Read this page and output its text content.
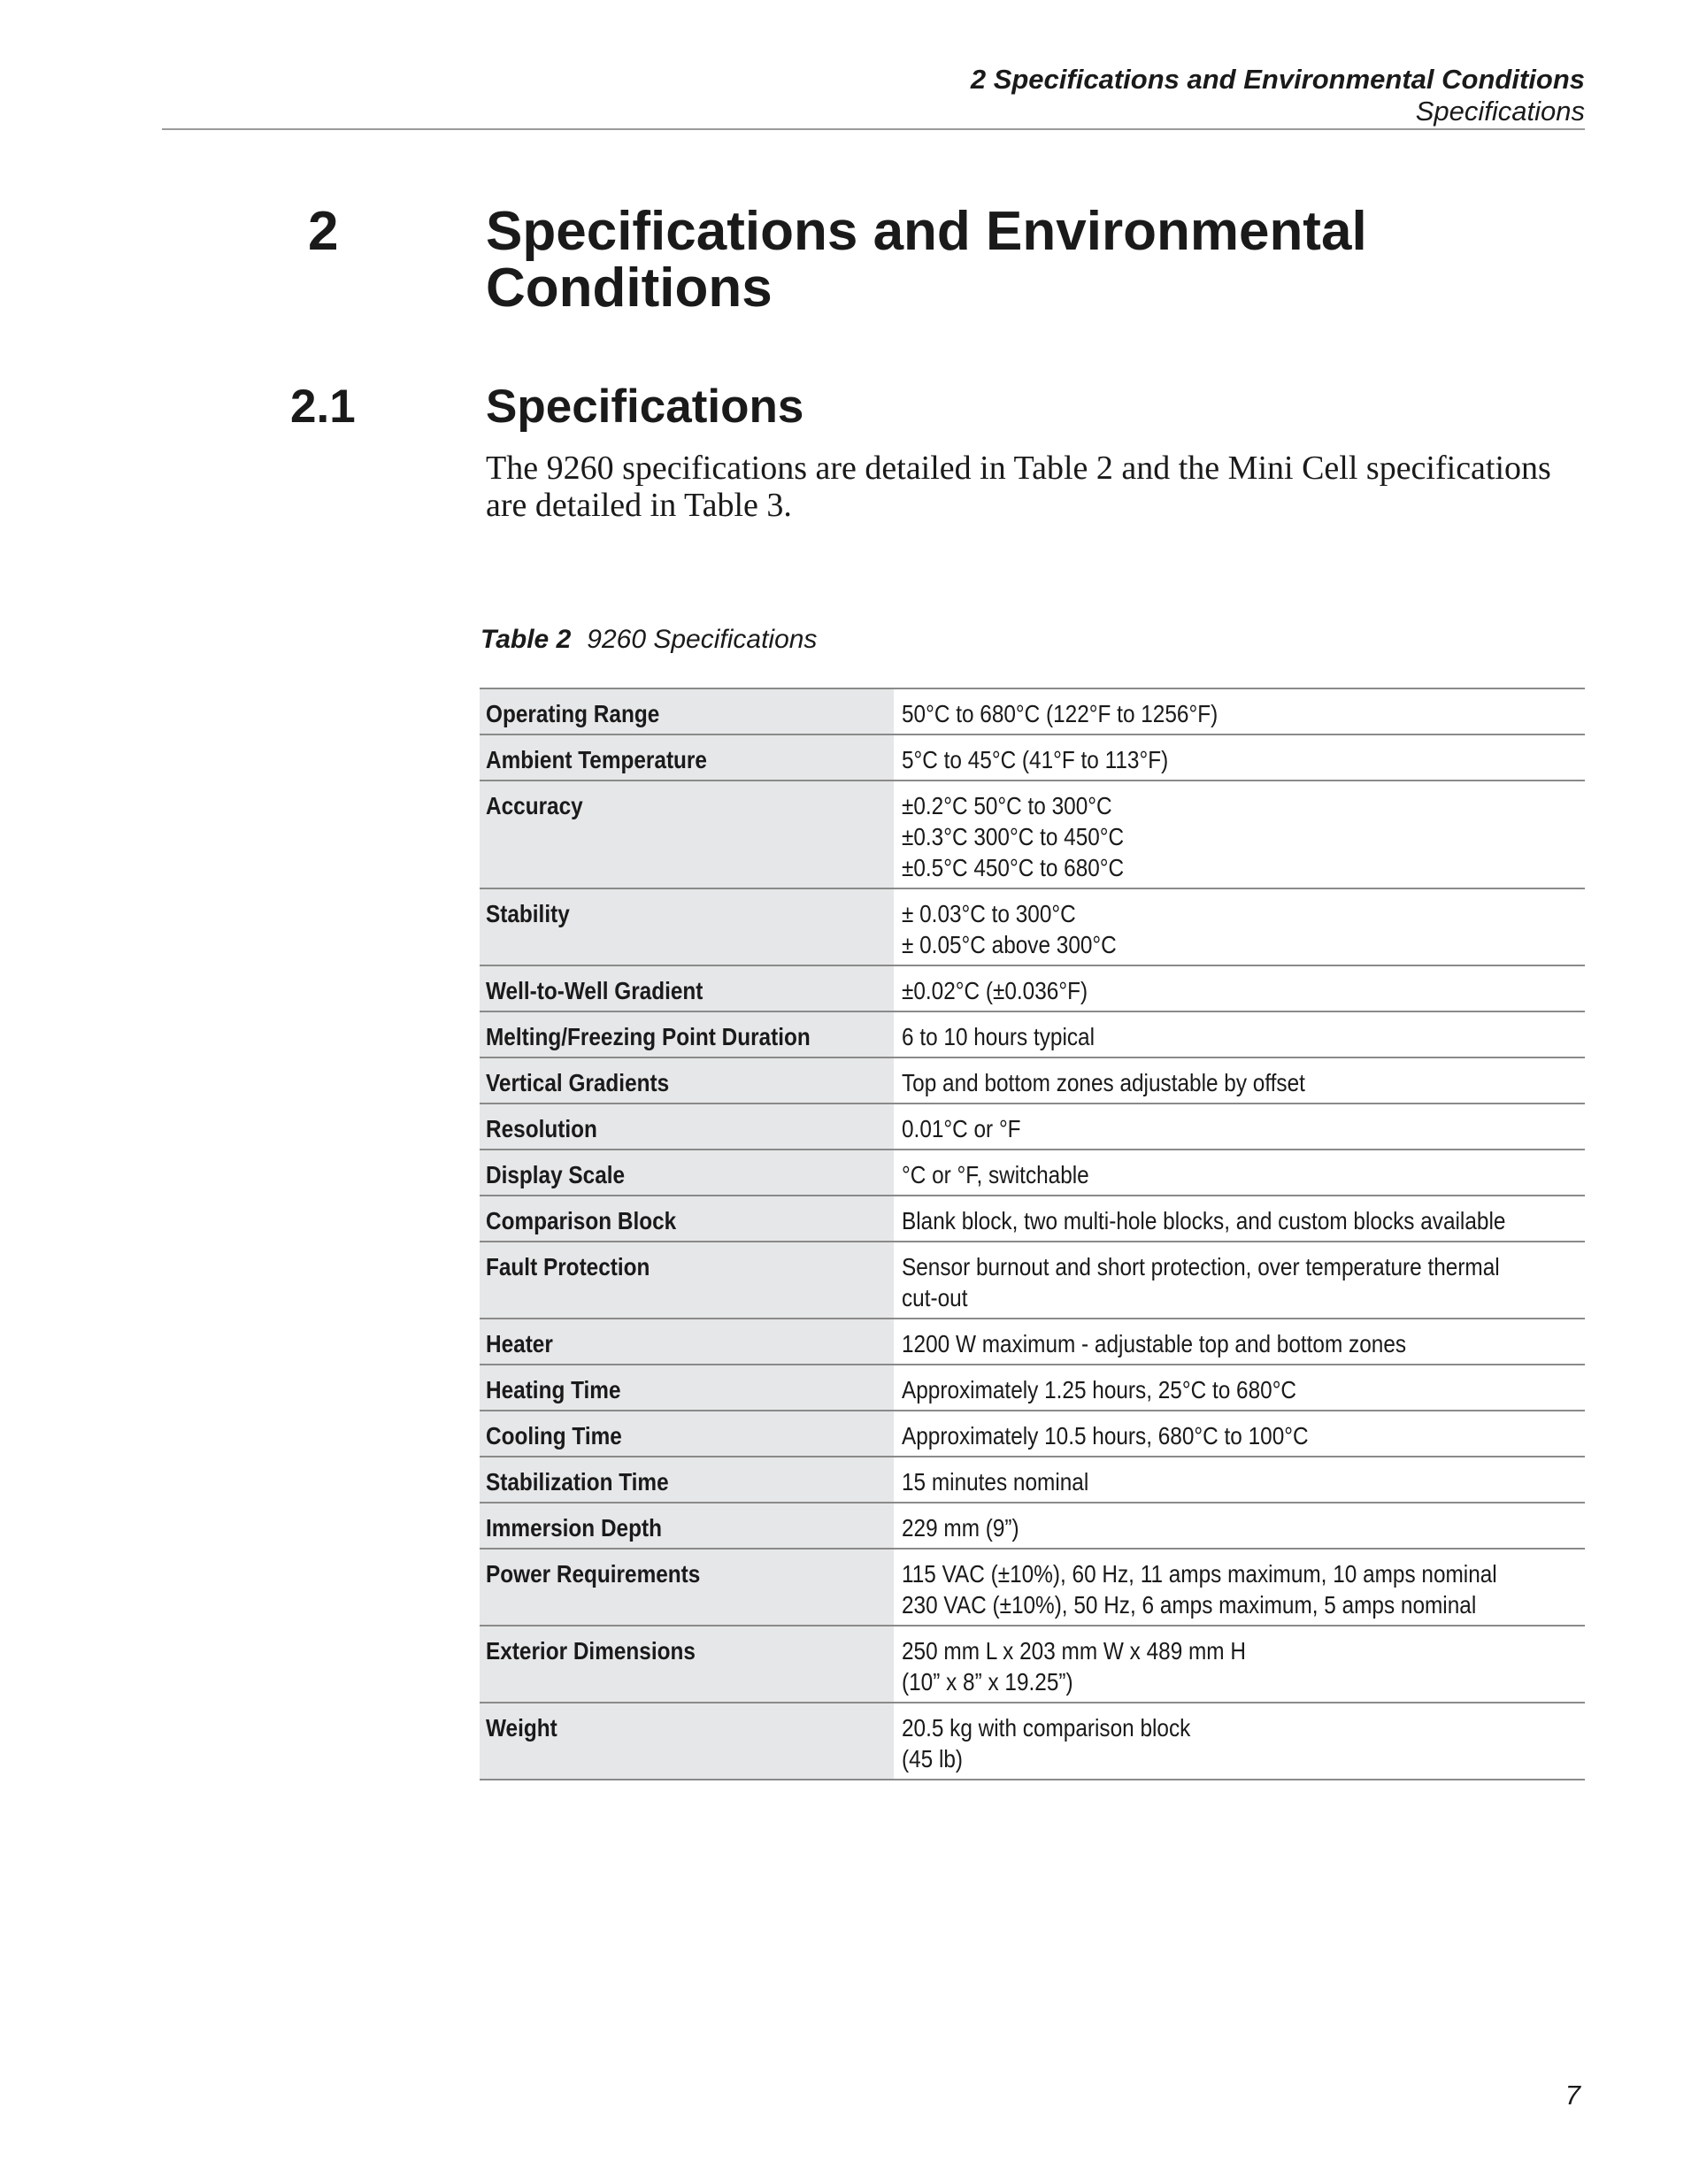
2 Specifications and Environmental Conditions
Specifications
2	Specifications and Environmental Conditions
2.1	Specifications

The 9260 specifications are detailed in Table 2 and the Mini Cell specifications are detailed in Table 3.

Table 2 9260 Specifications
Operating Range	50°C to 680°C (122°F to 1256°F)
Ambient Temperature	5°C to 45°C (41°F to 113°F)
Accuracy	±0.2°C 50°C to 300°C
±0.3°C 300°C to 450°C
±0.5°C 450°C to 680°C
Stability	± 0.03°C to 300°C
± 0.05°C above 300°C
Well-to-Well Gradient	±0.02°C (±0.036°F)
Melting/Freezing Point Duration	6 to 10 hours typical
Vertical Gradients	Top and bottom zones adjustable by offset
Resolution	0.01°C or °F
Display Scale	°C or °F, switchable
Comparison Block	Blank block, two multi-hole blocks, and custom blocks available
Fault Protection	Sensor burnout and short protection, over temperature thermal
cut-out
Heater	1200 W maximum - adjustable top and bottom zones
Heating Time	Approximately 1.25 hours, 25°C to 680°C
Cooling Time	Approximately 10.5 hours, 680°C to 100°C
Stabilization Time	15 minutes nominal
Immersion Depth	229 mm (9”)
Power Requirements	115 VAC (±10%), 60 Hz, 11 amps maximum, 10 amps nominal
230 VAC (±10%), 50 Hz, 6 amps maximum, 5 amps nominal
Exterior Dimensions	250 mm L x 203 mm W x 489 mm H
(10” x 8” x 19.25”)
Weight	20.5 kg with comparison block
(45 lb)
7
